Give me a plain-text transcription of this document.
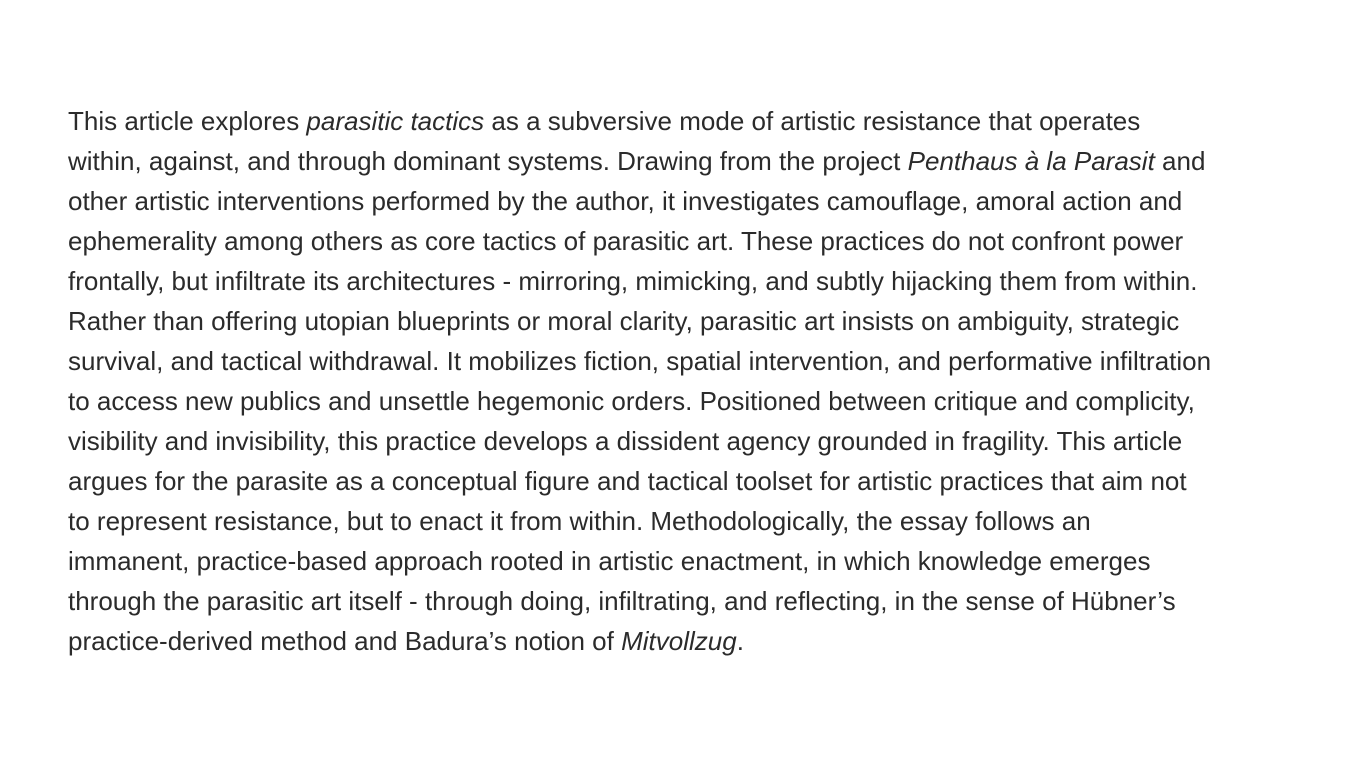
This article explores parasitic tactics as a subversive mode of artistic resistance that operates
within, against, and through dominant systems. Drawing from the project Penthaus à la Parasit and
other artistic interventions performed by the author, it investigates camouflage, amoral action and
ephemerality among others as core tactics of parasitic art. These practices do not confront power
frontally, but infiltrate its architectures - mirroring, mimicking, and subtly hijacking them from within.
Rather than offering utopian blueprints or moral clarity, parasitic art insists on ambiguity, strategic
survival, and tactical withdrawal. It mobilizes fiction, spatial intervention, and performative infiltration
to access new publics and unsettle hegemonic orders. Positioned between critique and complicity,
visibility and invisibility, this practice develops a dissident agency grounded in fragility. This article
argues for the parasite as a conceptual figure and tactical toolset for artistic practices that aim not
to represent resistance, but to enact it from within. Methodologically, the essay follows an
immanent, practice-based approach rooted in artistic enactment, in which knowledge emerges
through the parasitic art itself - through doing, infiltrating, and reflecting, in the sense of Hübner’s
practice-derived method and Badura’s notion of Mitvollzug.
